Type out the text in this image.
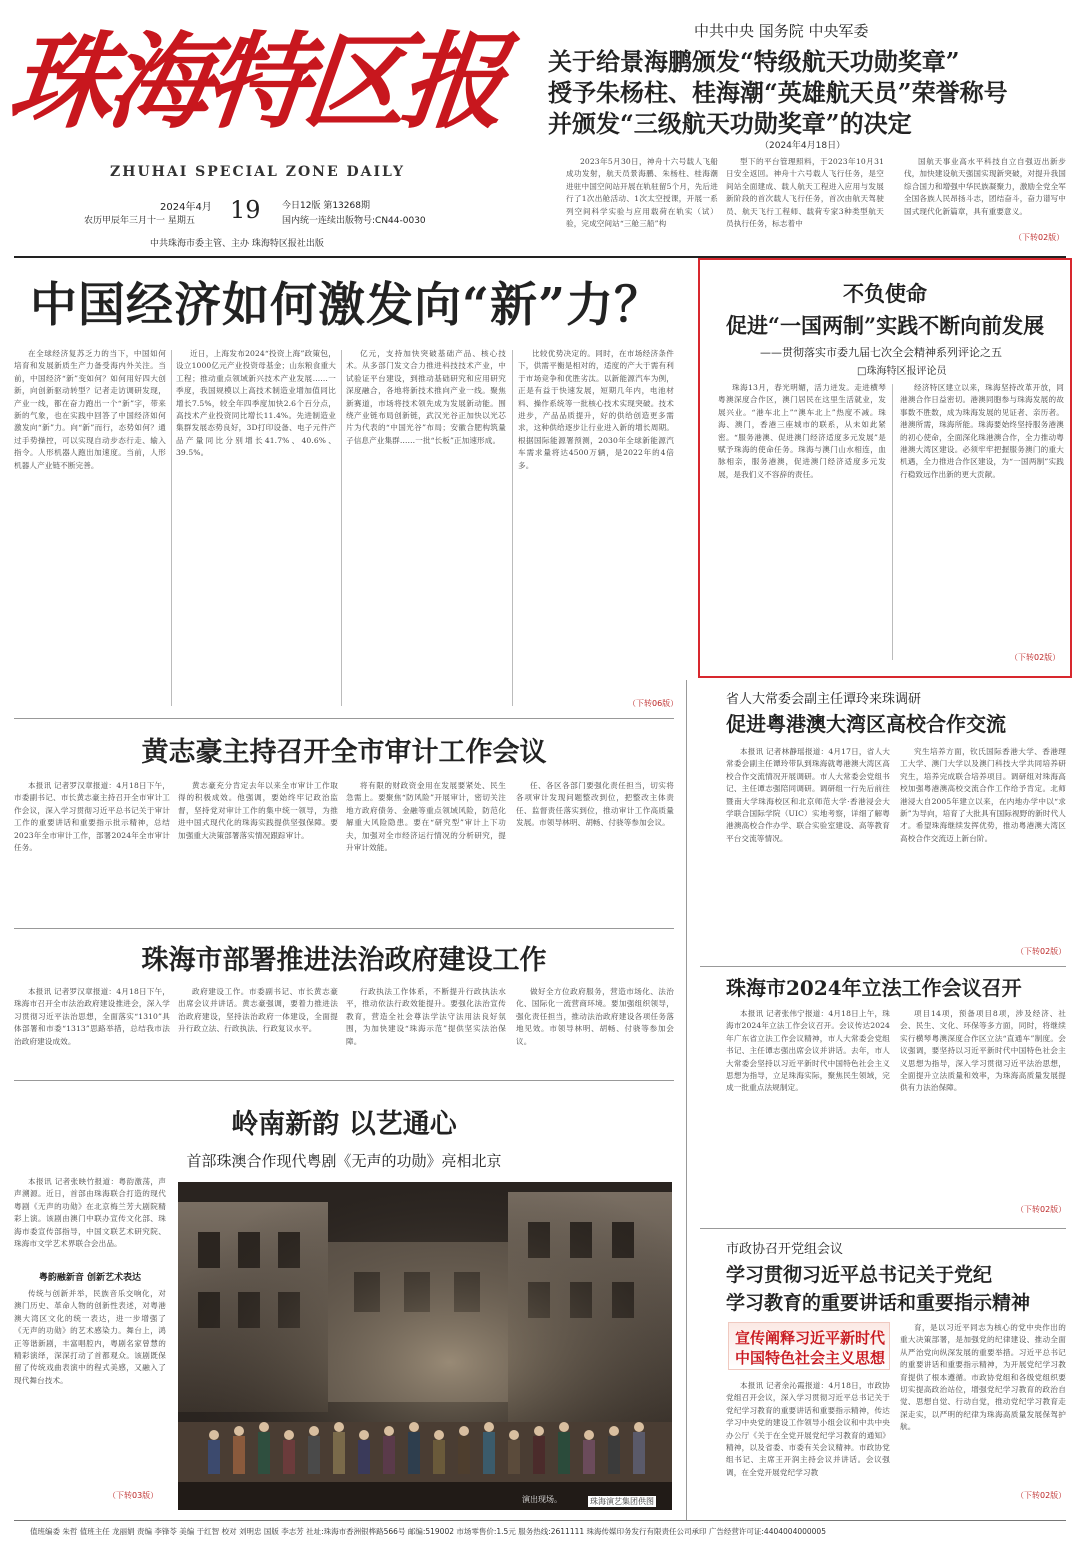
珠海特区报
ZHUHAI SPECIAL ZONE DAILY
2024年4月 19
农历甲辰年三月十一 星期五
今日12版 第13268期
国内统一连续出版物号:CN44-0030
中共珠海市委主管、主办 珠海特区报社出版
中共中央 国务院 中央军委
关于给景海鹏颁发“特级航天功勋奖章”
授予朱杨柱、桂海潮“英雄航天员”荣誉称号
并颁发“三级航天功勋奖章”的决定
（2024年4月18日）

2023年5月30日，神舟十六号载人飞船成功发射，航天员景海鹏、朱杨柱、桂海潮进驻中国空间站开展在轨驻留5个月，先后进行了1次出舱活动、1次太空授课，开展一系列空间科学实验与应用载荷在轨实（试）验，完成空间站“三舱三船”构

型下的平台管理照料，于2023年10月31日安全返回。神舟十六号载人飞行任务，是空间站全面建成、载人航天工程进入应用与发展新阶段的首次载人飞行任务，首次由航天驾驶员、航天飞行工程师、载荷专家3种类型航天员执行任务，标志着中

国航天事业高水平科技自立自强迈出新步伐，加快建设航天强国实现新突破，对提升我国综合国力和增强中华民族凝聚力，激励全党全军全国各族人民昂扬斗志，团结奋斗，奋力谱写中国式现代化新篇章，具有重要意义。

（下转02版）
中国经济如何激发向“新”力？

在全球经济复苏乏力的当下，中国如何培育和发展新质生产力备受海内外关注。当前，中国经济“新”变如何？如何用好四大创新，向创新驱动转型？记者走访调研发现，产业一线，都在奋力跑出一个“新”字，带来新的气象，也在实践中回答了中国经济如何激发向“新”力。向“新”而行，态势如何？通过手势操控，可以实现自动步态行走、输入指令。人形机器人跑出加速度。当前，人形机器人产业链不断完善。

近日，上海发布2024“投资上海”政策包，设立1000亿元产业投资母基金；山东粮食重大工程；推动重点领域新兴技术产业发展……一季度，我国规模以上高技术制造业增加值同比增长7.5%，较全年四季度加快2.6个百分点，高技术产业投资同比增长11.4%。先进制造业集群发展态势良好，3D打印设备、电子元件产品产量同比分别增长41.7%、40.6%、39.5%。

亿元，支持加快突破基础产品、核心技术。从多部门发文合力推进科技技术产业，中试验证平台建设，到推动基础研究和应用研究深度融合，各地将新技术推向产业一线。聚焦新赛道，市场将技术领先成为发展新动能。围绕产业链布局创新链，武汉光谷正加快以光芯片为代表的“中国光谷”布局；安徽合肥构筑量子信息产业集群……一批“长板”正加速形成。

比较优势决定的。同时，在市场经济条件下，供需平衡是相对的，适度的产大于需有利于市场竞争和优胜劣汰。以新能源汽车为例，正是有益于快速发展，短期几年内，电池材料、操作系统等一批核心技术实现突破。技术进步，产品品质提升，好的供给创造更多需求，这种供给逐步让行业进入新的增长周期。根据国际能源署预测，2030年全球新能源汽车需求量将达4500万辆，是2022年的4倍多。

（下转06版）
不负使命
促进“一国两制”实践不断向前发展
——贯彻落实市委九届七次全会精神系列评论之五
□珠海特区报评论员

珠海13月，春光明媚，活力迸发。走进横琴粤澳深度合作区，澳门居民在这里生活就业，发展兴业。“港车北上”“澳车北上”热度不减。珠海、澳门，香港三座城市的联系，从未如此紧密。“服务港澳、促进澳门经济适度多元发展”是赋予珠海的使命任务。珠海与澳门山水相连，血脉相亲，服务港澳，促进澳门经济适度多元发展，是我们义不容辞的责任。

经济特区建立以来，珠海坚持改革开放，同港澳合作日益密切。港澳同胞参与珠海发展的故事数不胜数，成为珠海发展的见证者、亲历者。港澳所需，珠海所能。珠海要始终坚持服务港澳的初心使命，全面深化珠港澳合作，全力推动粤港澳大湾区建设。必须牢牢把握服务澳门的重大机遇，全力推进合作区建设，为“一国两制”实践行稳致远作出新的更大贡献。

（下转02版）
省人大常委会副主任谭玲来珠调研
促进粤港澳大湾区高校合作交流

本报讯 记者林静瑶报道：4月17日，省人大常委会副主任谭玲带队到珠海就粤港澳大湾区高校合作交流情况开展调研。市人大常委会党组书记、主任谭志强陪同调研。调研组一行先后前往暨南大学珠海校区和北京师范大学·香港浸会大学联合国际学院（UIC）实地考察，详细了解粤港澳高校合作办学、联合实验室建设、高等教育平台交流等情况。

究生培养方面，钦氏国际香港大学、香港理工大学、澳门大学以及澳门科技大学共同培养研究生，培养完成联合培养项目。调研组对珠海高校加强粤港澳高校交流合作工作给予肯定。北师港浸大自2005年建立以来，在内地办学中以“求新”为导向，培育了大批具有国际视野的新时代人才。希望珠海继续发挥优势，推动粤港澳大湾区高校合作交流迈上新台阶。

（下转02版）
黄志豪主持召开全市审计工作会议

本报讯 记者罗汉章报道：4月18日下午，市委副书记、市长黄志豪主持召开全市审计工作会议，深入学习贯彻习近平总书记关于审计工作的重要讲话和重要指示批示精神，总结2023年全市审计工作，部署2024年全市审计任务。

黄志豪充分肯定去年以来全市审计工作取得的积极成效。他强调，要始终牢记政治监督，坚持党对审计工作的集中统一领导，为推进中国式现代化的珠海实践提供坚强保障。要加强重大决策部署落实情况跟踪审计。

将有限的财政资金用在发展要紧处、民生急需上。要聚焦“防风险”开展审计，密切关注地方政府债务、金融等重点领域风险，防范化解重大风险隐患。要在“研究型”审计上下功夫，加强对全市经济运行情况的分析研究，提升审计效能。

任、各区各部门要强化责任担当，切实将各项审计发现问题整改到位，把整改主体责任、监督责任落实到位，推动审计工作高质量发展。市领导林明、胡畅、付骁等参加会议。

珠海市部署推进法治政府建设工作

本报讯 记者罗汉章报道：4月18日下午，珠海市召开全市法治政府建设推进会，深入学习贯彻习近平法治思想，全面落实“1310”具体部署和市委“1313”思路举措，总结我市法治政府建设成效。

政府建设工作。市委副书记、市长黄志豪出席会议并讲话。黄志豪强调，要着力推进法治政府建设，坚持法治政府一体建设，全面提升行政立法、行政执法、行政复议水平。

行政执法工作体系，不断提升行政执法水平，推动依法行政效能提升。要强化法治宣传教育，营造全社会尊法学法守法用法良好氛围，为加快建设“珠海示范”提供坚实法治保障。

做好全方位政府服务，营造市场化、法治化、国际化一流营商环境。要加强组织领导，强化责任担当，推动法治政府建设各项任务落地见效。市领导林明、胡畅、付骁等参加会议。

珠海市2024年立法工作会议召开

本报讯 记者张伟宁报道：4月18日上午，珠海市2024年立法工作会议召开。会议传达2024年广东省立法工作会议精神，市人大常委会党组书记、主任谭志强出席会议并讲话。去年，市人大常委会坚持以习近平新时代中国特色社会主义思想为指导，立足珠海实际，聚焦民生领域，完成一批重点法规制定。

项目14项，预备项目8项，涉及经济、社会、民生、文化、环保等多方面，同时，将继续实行横琴粤澳深度合作区立法“直通车”制度。会议强调，要坚持以习近平新时代中国特色社会主义思想为指导，深入学习贯彻习近平法治思想，全面提升立法质量和效率，为珠海高质量发展提供有力法治保障。

（下转02版）
市政协召开党组会议
学习贯彻习近平总书记关于党纪
学习教育的重要讲话和重要指示精神
宣传阐释习近平新时代
中国特色社会主义思想

本报讯 记者余沁霞报道：4月18日，市政协党组召开会议，深入学习贯彻习近平总书记关于党纪学习教育的重要讲话和重要指示精神，传达学习中央党的建设工作领导小组会议和中共中央办公厅《关于在全党开展党纪学习教育的通知》精神，以及省委、市委有关会议精神。市政协党组书记、主席王开润主持会议并讲话。会议强调，在全党开展党纪学习教

育，是以习近平同志为核心的党中央作出的重大决策部署，是加强党的纪律建设、推动全面从严治党向纵深发展的重要举措。习近平总书记的重要讲话和重要指示精神，为开展党纪学习教育提供了根本遵循。市政协党组和各级党组织要切实提高政治站位，增强党纪学习教育的政治自觉、思想自觉、行动自觉，推动党纪学习教育走深走实，以严明的纪律为珠海高质量发展保驾护航。

（下转02版）
岭南新韵 以艺通心
首部珠澳合作现代粤剧《无声的功勋》亮相北京

本报讯 记者张映竹报道：粤韵激荡，声声溯源。近日，首部由珠海联合打造的现代粤剧《无声的功勋》在北京梅兰芳大剧院精彩上演。该剧由澳门中联办宣传文化部、珠海市委宣传部指导，中国文联艺术研究院、珠海市文学艺术界联合会出品。

粤韵融新音 创新艺术表达

传统与创新并举，民族音乐交响化，对澳门历史、革命人物的创新性表述，对粤港澳大湾区文化的统一表达，进一步增强了《无声的功勋》的艺术感染力。舞台上，鸿正等谐新剧，丰富唱腔内，粤剧名家曾慧的精彩演绎，深深打动了首都观众。该剧既保留了传统戏曲表演中的程式美感，又融入了现代舞台技术。

（下转03版）	演出现场。	珠海演艺集团供图
值班编委 朱哲 值班主任 龙丽娟 责编 李锋苓 美编 于红智 校对 刘明忠 国版 李志芳 社址:珠海市香洲银桦路566号 邮编:519002 市场零售价:1.5元 服务热线:2611111 珠海传媒印务发行有限责任公司承印 广告经营许可证:4404004000005
